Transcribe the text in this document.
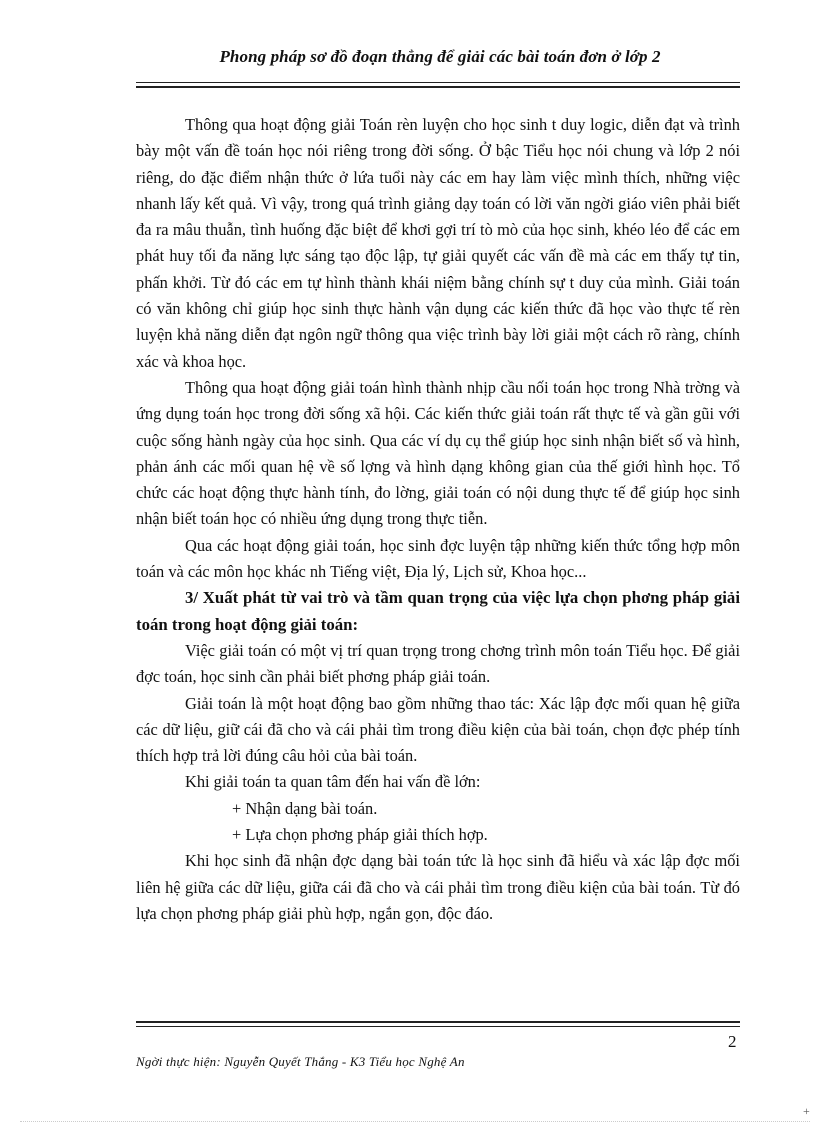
Phong pháp sơ đồ đoạn thẳng để giải các bài toán đơn ở lớp 2

Thông qua hoạt động giải Toán rèn luyện cho học sinh t duy logic, diễn đạt và trình bày một vấn đề toán học nói riêng trong đời sống. Ở bậc Tiểu học nói chung và lớp 2 nói riêng, do đặc điểm nhận thức ở lứa tuổi này các em hay làm việc mình thích, những việc nhanh lấy kết quả. Vì vậy, trong quá trình giảng dạy toán có lời văn ngời giáo viên phải biết đa ra mâu thuẫn, tình huống đặc biệt để khơi gợi trí tò mò của học sinh, khéo léo để các em phát huy tối đa năng lực sáng tạo độc lập, tự giải quyết các vấn đề mà các em thấy tự tin, phấn khởi. Từ đó các em tự hình thành khái niệm bằng chính sự t duy của mình. Giải toán có văn không chỉ giúp học sinh thực hành vận dụng các kiến thức đã học vào thực tế rèn luyện khả năng diễn đạt ngôn ngữ thông qua việc trình bày lời giải một cách rõ ràng, chính xác và khoa học.

Thông qua hoạt động giải toán hình thành nhịp cầu nối toán học trong Nhà trờng và ứng dụng toán học trong đời sống xã hội. Các kiến thức giải toán rất thực tế và gần gũi với cuộc sống hành ngày của học sinh. Qua các ví dụ cụ thể giúp học sinh nhận biết số và hình, phản ánh các mối quan hệ về số lợng và hình dạng không gian của thế giới hình học. Tổ chức các hoạt động thực hành tính, đo lờng, giải toán có nội dung thực tế để giúp học sinh nhận biết toán học có nhiều ứng dụng trong thực tiễn.

Qua các hoạt động giải toán, học sinh đợc luyện tập những kiến thức tổng hợp môn toán và các môn học khác nh Tiếng việt, Địa lý, Lịch sử, Khoa học...

3/ Xuất phát từ vai trò và tầm quan trọng của việc lựa chọn phơng pháp giải toán trong hoạt động giải toán:

Việc giải toán có một vị trí quan trọng trong chơng trình môn toán Tiểu học. Để giải đợc toán, học sinh cần phải biết phơng pháp giải toán.

Giải toán là một hoạt động bao gồm những thao tác: Xác lập đợc mối quan hệ giữa các dữ liệu, giữ cái đã cho và cái phải tìm trong điều kiện của bài toán, chọn đợc phép tính thích hợp trả lời đúng câu hỏi của bài toán.

Khi giải toán ta quan tâm đến hai vấn đề lớn:

+ Nhận dạng bài toán.

+ Lựa chọn phơng pháp giải thích hợp.

Khi học sinh đã nhận đợc dạng bài toán tức là học sinh đã hiểu và xác lập đợc mối liên hệ giữa các dữ liệu, giữa cái đã cho và cái phải tìm trong điều kiện của bài toán. Từ đó lựa chọn phơng pháp giải phù hợp, ngắn gọn, độc đáo.

2
Ngời thực hiện: Nguyễn Quyết Thắng - K3 Tiểu học Nghệ An
+
